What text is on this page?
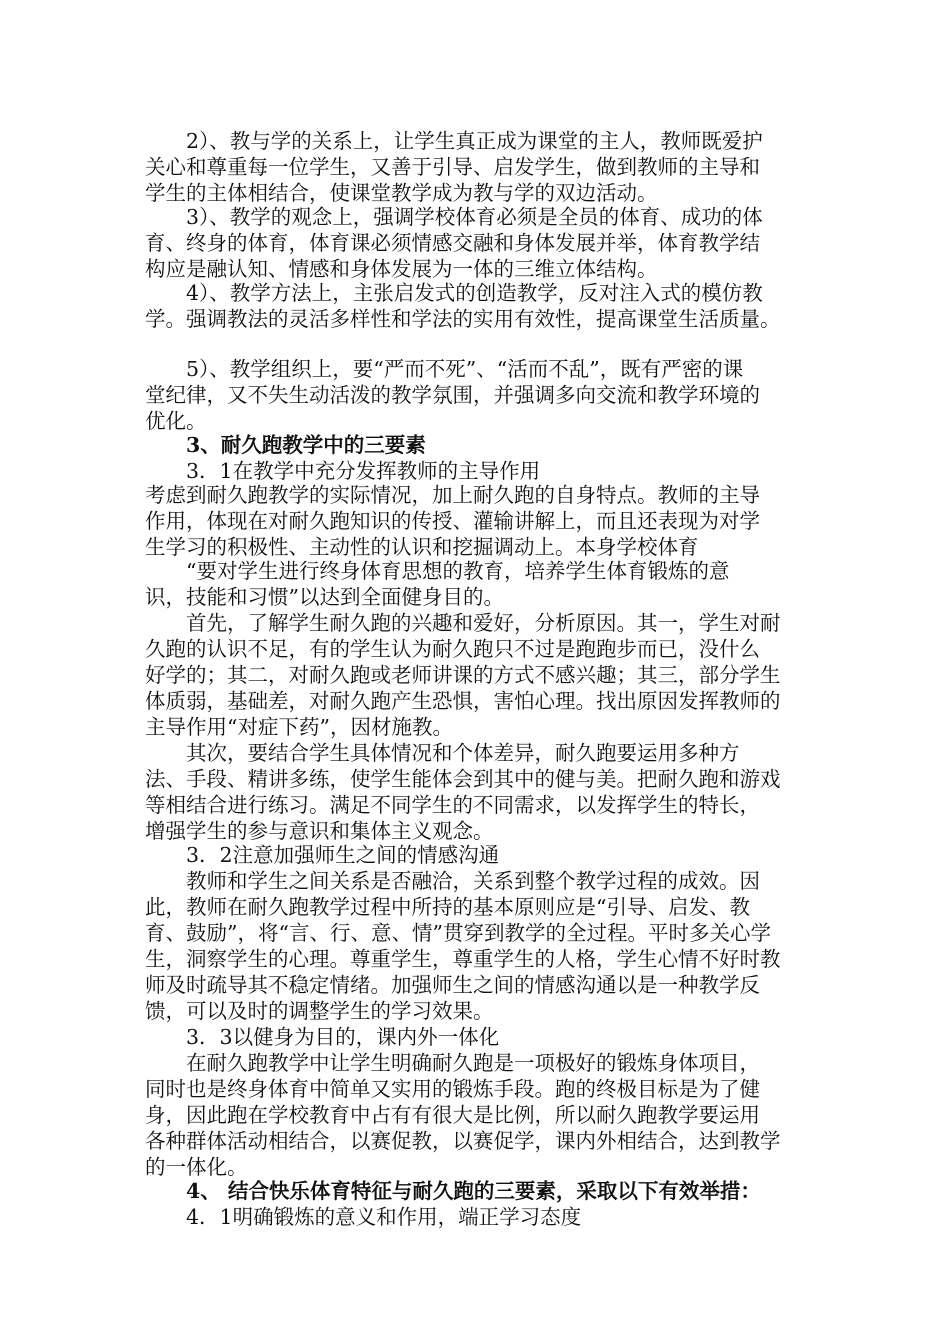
　　2）、教与学的关系上，让学生真正成为课堂的主人，教师既爱护

关心和尊重每一位学生，又善于引导、启发学生，做到教师的主导和

学生的主体相结合，使课堂教学成为教与学的双边活动。

　　3）、教学的观念上，强调学校体育必须是全员的体育、成功的体

育、终身的体育，体育课必须情感交融和身体发展并举，体育教学结

构应是融认知、情感和身体发展为一体的三维立体结构。

　　4）、教学方法上，主张启发式的创造教学，反对注入式的模仿教

学。强调教法的灵活多样性和学法的实用有效性，提高课堂生活质量。

　　5）、教学组织上，要“严而不死”、“活而不乱”，既有严密的课

堂纪律，又不失生动活泼的教学氛围，并强调多向交流和教学环境的

优化。

　　3、耐久跑教学中的三要素

　　3．1在教学中充分发挥教师的主导作用

考虑到耐久跑教学的实际情况，加上耐久跑的自身特点。教师的主导

作用，体现在对耐久跑知识的传授、灌输讲解上，而且还表现为对学

生学习的积极性、主动性的认识和挖掘调动上。本身学校体育

　　“要对学生进行终身体育思想的教育，培养学生体育锻炼的意

识，技能和习惯”以达到全面健身目的。

　　首先，了解学生耐久跑的兴趣和爱好，分析原因。其一，学生对耐

久跑的认识不足，有的学生认为耐久跑只不过是跑跑步而已，没什么

好学的；其二，对耐久跑或老师讲课的方式不感兴趣；其三，部分学生

体质弱，基础差，对耐久跑产生恐惧，害怕心理。找出原因发挥教师的

主导作用“对症下药”，因材施教。

　　其次，要结合学生具体情况和个体差异，耐久跑要运用多种方

法、手段、精讲多练，使学生能体会到其中的健与美。把耐久跑和游戏

等相结合进行练习。满足不同学生的不同需求，以发挥学生的特长，

增强学生的参与意识和集体主义观念。

　　3．2注意加强师生之间的情感沟通

　　教师和学生之间关系是否融洽，关系到整个教学过程的成效。因

此，教师在耐久跑教学过程中所持的基本原则应是“引导、启发、教

育、鼓励”，将“言、行、意、情”贯穿到教学的全过程。平时多关心学

生，洞察学生的心理。尊重学生，尊重学生的人格，学生心情不好时教

师及时疏导其不稳定情绪。加强师生之间的情感沟通以是一种教学反

馈，可以及时的调整学生的学习效果。

　　3．3以健身为目的，课内外一体化

　　在耐久跑教学中让学生明确耐久跑是一项极好的锻炼身体项目，

同时也是终身体育中简单又实用的锻炼手段。跑的终极目标是为了健

身，因此跑在学校教育中占有有很大是比例，所以耐久跑教学要运用

各种群体活动相结合，以赛促教，以赛促学，课内外相结合，达到教学

的一体化。

　　4、 结合快乐体育特征与耐久跑的三要素，采取以下有效举措：

　　4．1明确锻炼的意义和作用，端正学习态度
